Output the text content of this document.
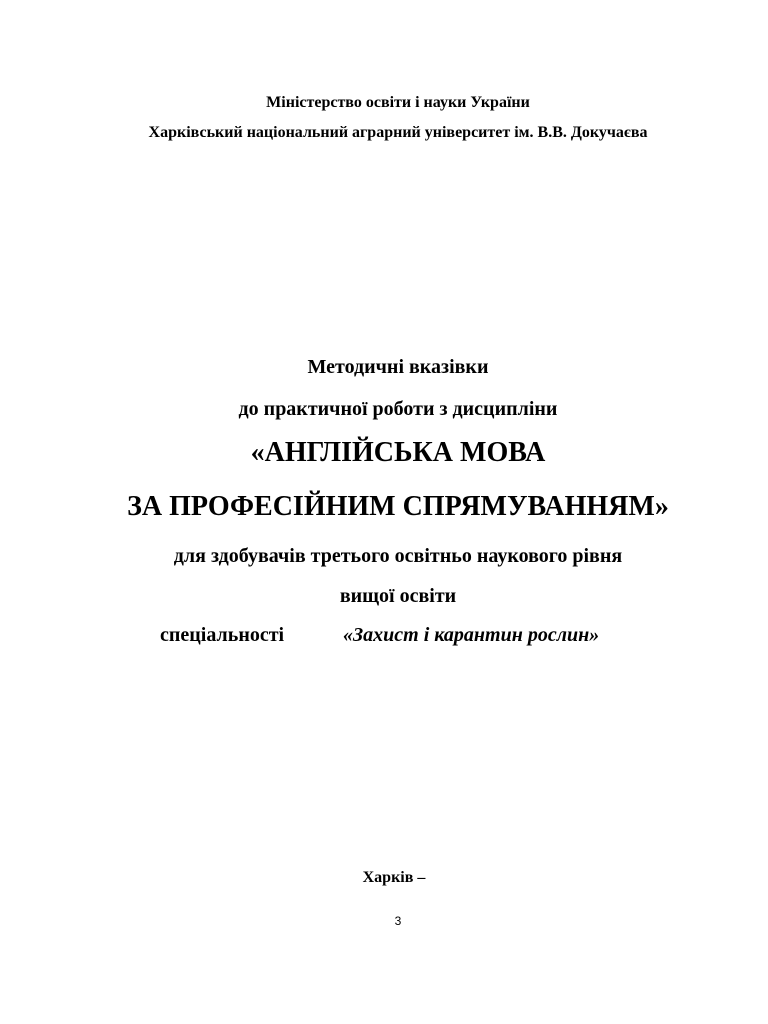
Міністерство освіти і науки України
Харківський національний аграрний університет ім. В.В. Докучаєва
Методичні вказівки
до практичної роботи з дисципліни
«АНГЛІЙСЬКА МОВА
ЗА ПРОФЕСІЙНИМ СПРЯМУВАННЯМ»
для здобувачів третього освітньо наукового рівня
вищої освіти
спеціальності	«Захист і карантин рослин»
Харків –
3
